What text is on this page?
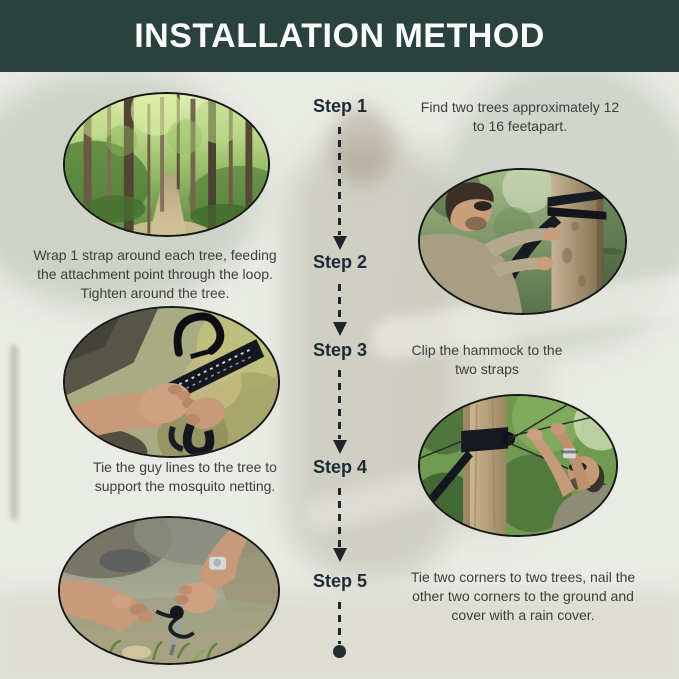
INSTALLATION METHOD
Step 1
Step 2
Step 3
Step 4
Step 5
Find two trees approximately 12 to 16 feetapart.
Wrap 1 strap around each tree, feeding the attachment point through the loop. Tighten around the tree.
Clip the hammock to the two straps
Tie the guy lines to the tree to support the mosquito netting.
Tie two corners to two trees, nail the other two corners to the ground and cover with a rain cover.
